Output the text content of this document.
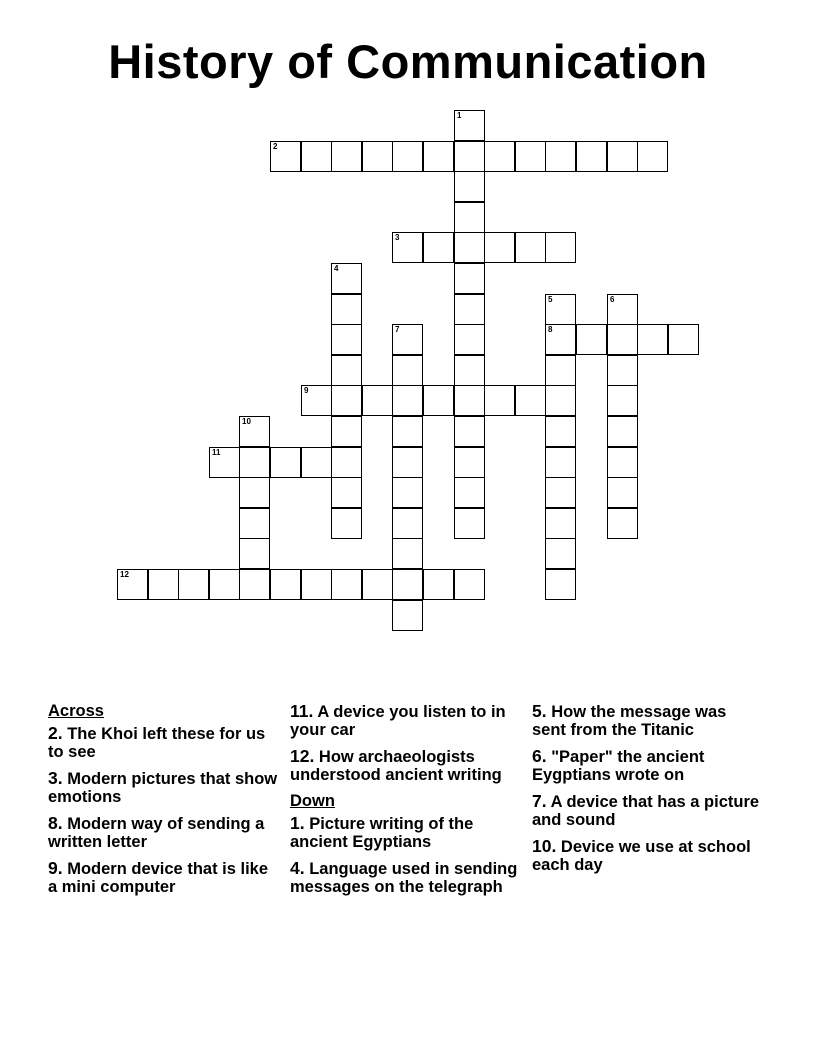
History of Communication
2
3
8
9
11
12
1
4
5	6
7
10
Across
2. The Khoi left these for us to see
3. Modern pictures that show emotions
8. Modern way of sending a written letter
9. Modern device that is like a mini computer
11. A device you listen to in your car
12. How archaeologists understood ancient writing
Down
1. Picture writing of the ancient Egyptians
4. Language used in sending messages on the telegraph
5. How the message was sent from the Titanic
6. "Paper" the ancient Eygptians wrote on
7. A device that has a picture and sound
10. Device we use at school each day
